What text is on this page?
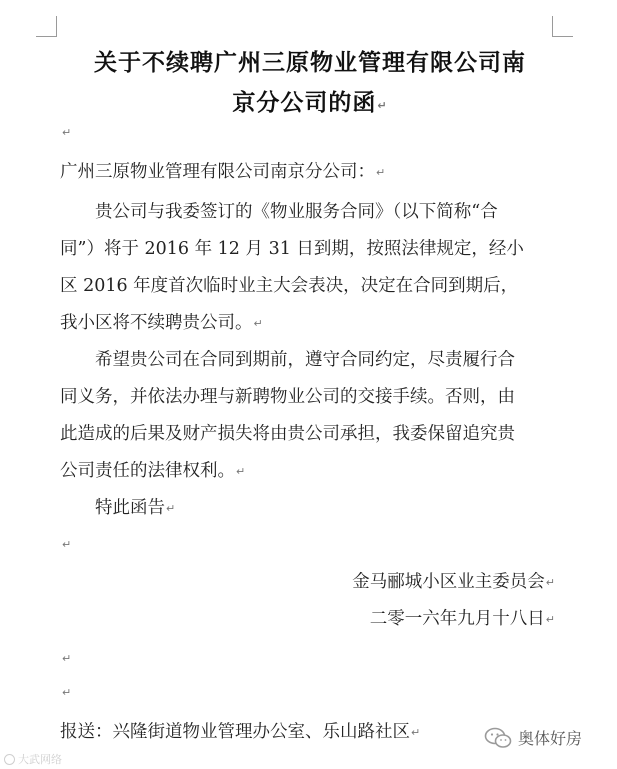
关于不续聘广州三原物业管理有限公司南
京分公司的函↵
↵
广州三原物业管理有限公司南京分公司：↵
贵公司与我委签订的《物业服务合同》（以下简称“合
同”）将于 2016 年 12 月 31 日到期，按照法律规定，经小
区 2016 年度首次临时业主大会表决，决定在合同到期后，
我小区将不续聘贵公司。↵
希望贵公司在合同到期前，遵守合同约定，尽责履行合
同义务，并依法办理与新聘物业公司的交接手续。否则，由
此造成的后果及财产损失将由贵公司承担，我委保留追究贵
公司责任的法律权利。↵
特此函告↵
↵
金马郦城小区业主委员会↵
二零一六年九月十八日↵
↵
↵
报送：兴隆街道物业管理办公室、乐山路社区↵
大武网络
奥体好房
